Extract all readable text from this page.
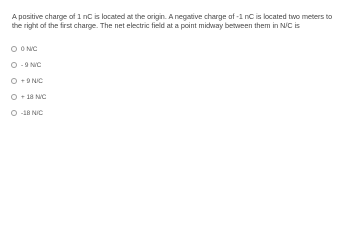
A positive charge of 1 nC is located at the origin. A negative charge of -1 nC is located two meters to the right of the first charge. The net electric field at a point midway between them in N/C is
0 N/C
- 9 N/C
+ 9 N/C
+ 18 N/C
-18 N/C
